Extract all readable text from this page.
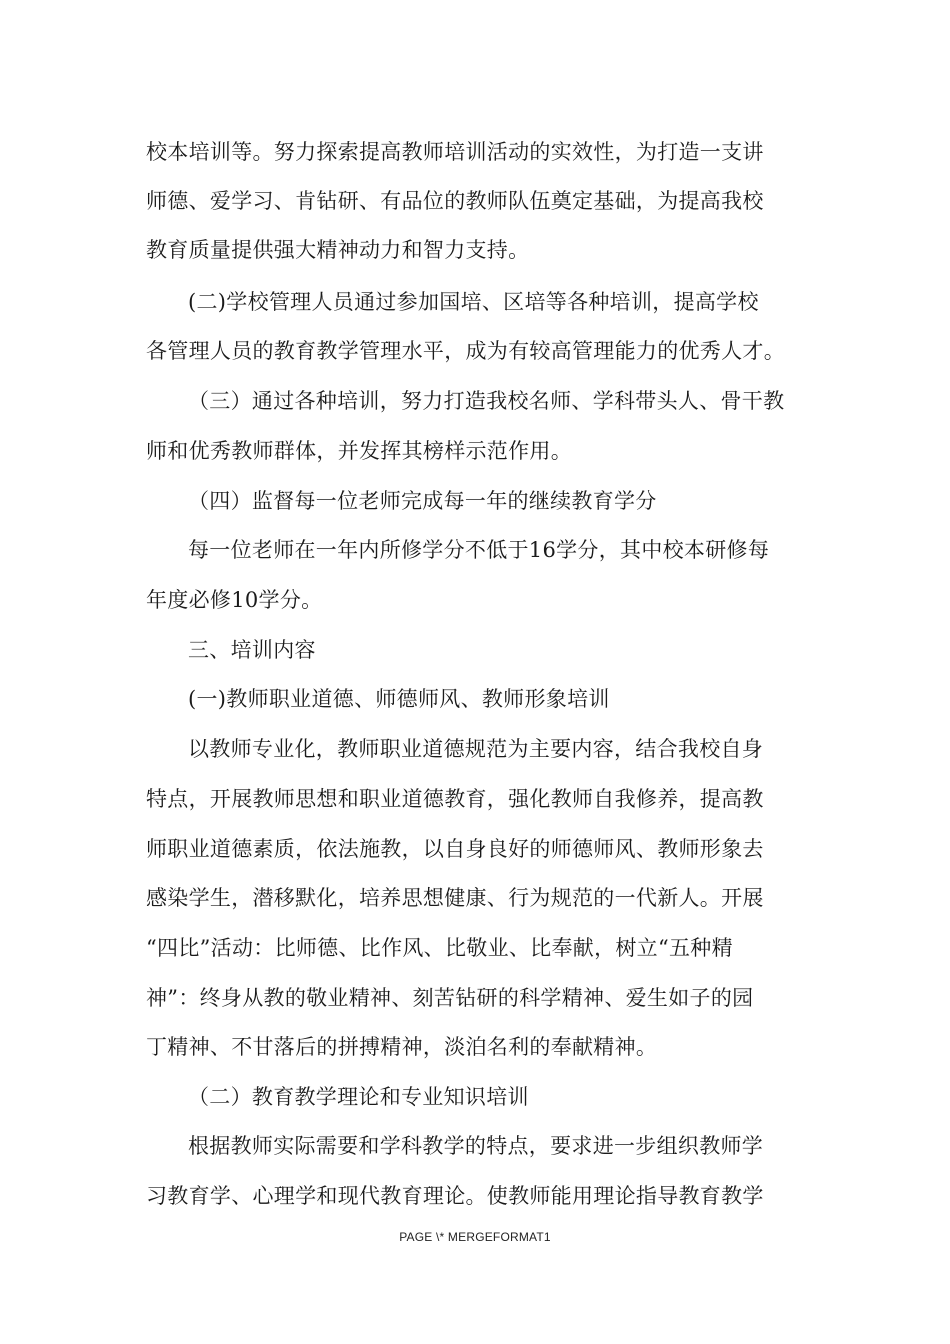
校本培训等。努力探索提高教师培训活动的实效性，为打造一支讲
师德、爱学习、肯钻研、有品位的教师队伍奠定基础，为提高我校
教育质量提供强大精神动力和智力支持。
(二)学校管理人员通过参加国培、区培等各种培训，提高学校
各管理人员的教育教学管理水平，成为有较高管理能力的优秀人才。
（三）通过各种培训，努力打造我校名师、学科带头人、骨干教
师和优秀教师群体，并发挥其榜样示范作用。
（四）监督每一位老师完成每一年的继续教育学分
每一位老师在一年内所修学分不低于16学分，其中校本研修每
年度必修10学分。
三、培训内容
(一)教师职业道德、师德师风、教师形象培训
以教师专业化，教师职业道德规范为主要内容，结合我校自身
特点，开展教师思想和职业道德教育，强化教师自我修养，提高教
师职业道德素质，依法施教，以自身良好的师德师风、教师形象去
感染学生，潜移默化，培养思想健康、行为规范的一代新人。开展
“四比”活动：比师德、比作风、比敬业、比奉献，树立“五种精
神”：终身从教的敬业精神、刻苦钻研的科学精神、爱生如子的园
丁精神、不甘落后的拼搏精神，淡泊名利的奉献精神。
（二）教育教学理论和专业知识培训
根据教师实际需要和学科教学的特点，要求进一步组织教师学
习教育学、心理学和现代教育理论。使教师能用理论指导教育教学
PAGE \* MERGEFORMAT1
